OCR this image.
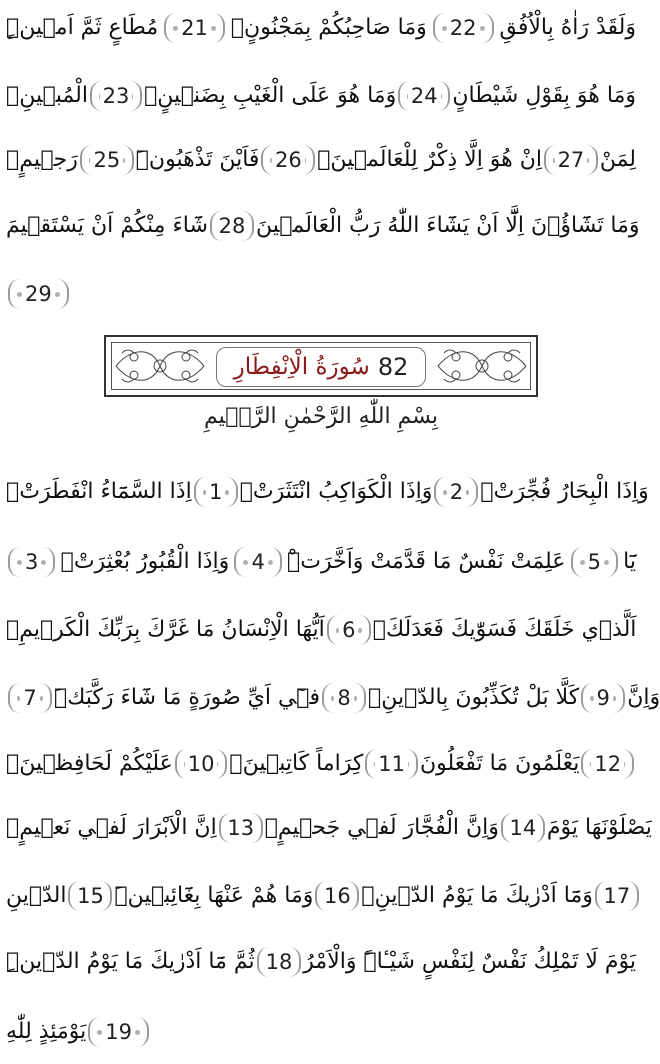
مُطَاعٍ ثَمَّ اَم۪ينٍۜ	21	وَمَا صَاحِبُكُمْ بِمَجْنُونٍۚ	22	وَلَقَدْ رَاٰهُ بِالْاُفُقِ
الْمُب۪ينِۚ 23 وَمَا هُوَ عَلَى الْغَيْبِ بِضَن۪ينٍۚ 24 وَمَا هُوَ بِقَوْلِ شَيْطَانٍ
رَج۪يمٍۙ 25 فَاَيْنَ تَذْهَبُونَۜ 26 اِنْ هُوَ اِلَّا ذِكْرٌ لِلْعَالَم۪ينَۙ 27 لِمَنْ
شَٓاءَ مِنْكُمْ اَنْ يَسْتَق۪يمَ 28 وَمَا تَشَٓاؤُ۫نَ اِلَّٓا اَنْ يَشَٓاءَ اللّٰهُ رَبُّ الْعَالَم۪ينَ
29
82
سُورَةُ الْاِنْفِطَارِ
بِسْمِ اللّٰهِ الرَّحْمٰنِ الرَّح۪يمِ
اِذَا السَّمَٓاءُ انْفَطَرَتْۙ 1 وَاِذَا الْكَوَاكِبُ انْتَثَرَتْۙ 2 وَاِذَا الْبِحَارُ فُجِّرَتْۙ
3	وَاِذَا الْقُبُورُ بُعْثِرَتْۙ	4	عَلِمَتْ نَفْسٌ مَا قَدَّمَتْ وَاَخَّرَتْۜ	5	يَٓا
اَيُّهَا الْاِنْسَانُ مَا غَرَّكَ بِرَبِّكَ الْكَر۪يمِۙ 6 اَلَّذ۪ي خَلَقَكَ فَسَوّٰيكَ فَعَدَلَكَۙ
7 ف۪ٓي اَيِّ صُورَةٍ مَا شَٓاءَ رَكَّبَكَۜ 8 كَلَّا بَلْ تُكَذِّبُونَ بِالدّ۪ينِۙ 9 وَاِنَّ
عَلَيْكُمْ لَحَافِظ۪ينَۙ 10 كِرَاماً كَاتِب۪ينَۙ 11 يَعْلَمُونَ مَا تَفْعَلُونَ 12
اِنَّ الْاَبْرَارَ لَف۪ي نَع۪يمٍۚ 13 وَاِنَّ الْفُجَّارَ لَف۪ي جَح۪يمٍۚ 14 يَصْلَوْنَهَا يَوْمَ
الدّ۪ينِ 15 وَمَا هُمْ عَنْهَا بِغَٓائِب۪ينَۜ 16 وَمَٓا اَدْرٰيكَ مَا يَوْمُ الدّ۪ينِۙ 17
ثُمَّ مَٓا اَدْرٰيكَ مَا يَوْمُ الدّ۪ينِۜ 18 يَوْمَ لَا تَمْلِكُ نَفْسٌ لِنَفْسٍ شَيْـٔاًۜ وَالْاَمْرُ
يَوْمَئِذٍ لِلّٰهِ 19
